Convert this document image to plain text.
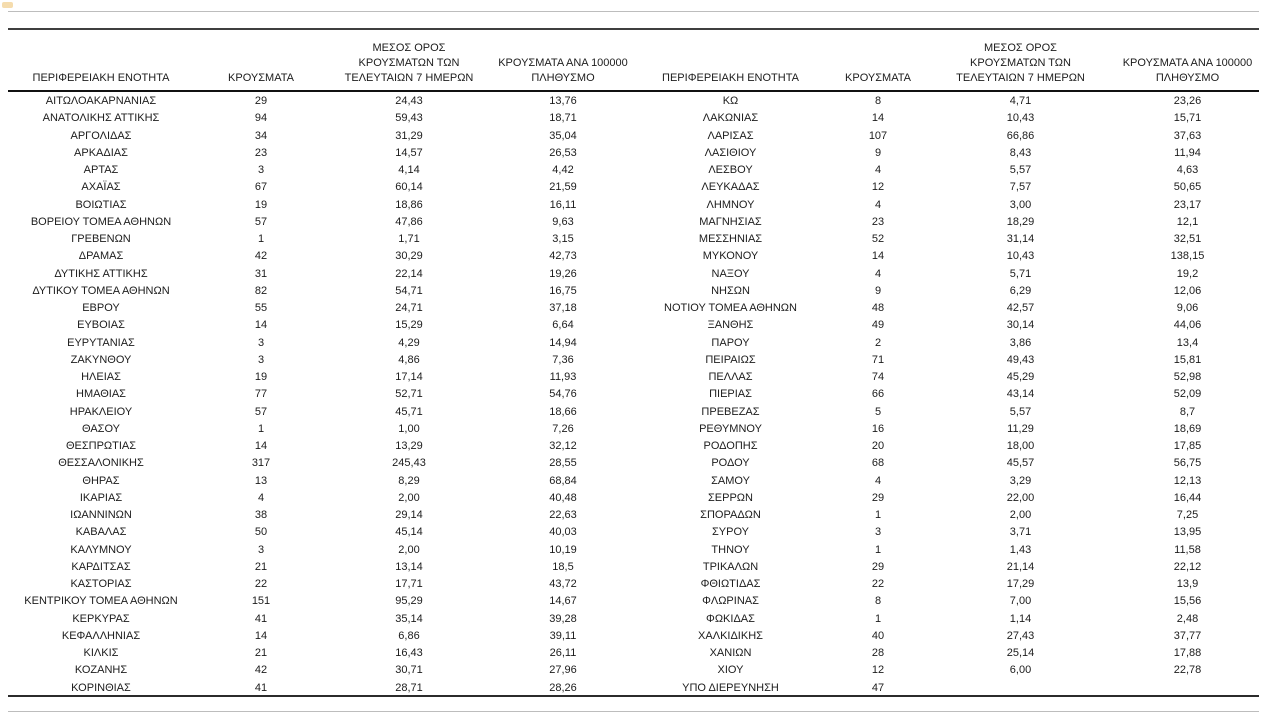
ΠΕΡΙΦΕΡΕΙΑΚΗ ΕΝΟΤΗΤΑ	ΚΡΟΥΣΜΑΤΑ
ΜΕΣΟΣ ΟΡΟΣ
ΚΡΟΥΣΜΑΤΩΝ ΤΩΝ
ΤΕΛΕΥΤΑΙΩΝ 7 ΗΜΕΡΩΝ
ΚΡΟΥΣΜΑΤΑ ΑΝΑ 100000
ΠΛΗΘΥΣΜΟ
ΑΙΤΩΛΟΑΚΑΡΝΑΝΙΑΣ	29	24,43	13,76
ΑΝΑΤΟΛΙΚΗΣ ΑΤΤΙΚΗΣ	94	59,43	18,71
ΑΡΓΟΛΙΔΑΣ	34	31,29	35,04
ΑΡΚΑΔΙΑΣ	23	14,57	26,53
ΑΡΤΑΣ	3	4,14	4,42
ΑΧΑΪΑΣ	67	60,14	21,59
ΒΟΙΩΤΙΑΣ	19	18,86	16,11
ΒΟΡΕΙΟΥ ΤΟΜΕΑ ΑΘΗΝΩΝ	57	47,86	9,63
ΓΡΕΒΕΝΩΝ	1	1,71	3,15
ΔΡΑΜΑΣ	42	30,29	42,73
ΔΥΤΙΚΗΣ ΑΤΤΙΚΗΣ	31	22,14	19,26
ΔΥΤΙΚΟΥ ΤΟΜΕΑ ΑΘΗΝΩΝ	82	54,71	16,75
ΕΒΡΟΥ	55	24,71	37,18
ΕΥΒΟΙΑΣ	14	15,29	6,64
ΕΥΡΥΤΑΝΙΑΣ	3	4,29	14,94
ΖΑΚΥΝΘΟΥ	3	4,86	7,36
ΗΛΕΙΑΣ	19	17,14	11,93
ΗΜΑΘΙΑΣ	77	52,71	54,76
ΗΡΑΚΛΕΙΟΥ	57	45,71	18,66
ΘΑΣΟΥ	1	1,00	7,26
ΘΕΣΠΡΩΤΙΑΣ	14	13,29	32,12
ΘΕΣΣΑΛΟΝΙΚΗΣ	317	245,43	28,55
ΘΗΡΑΣ	13	8,29	68,84
ΙΚΑΡΙΑΣ	4	2,00	40,48
ΙΩΑΝΝΙΝΩΝ	38	29,14	22,63
ΚΑΒΑΛΑΣ	50	45,14	40,03
ΚΑΛΥΜΝΟΥ	3	2,00	10,19
ΚΑΡΔΙΤΣΑΣ	21	13,14	18,5
ΚΑΣΤΟΡΙΑΣ	22	17,71	43,72
ΚΕΝΤΡΙΚΟΥ ΤΟΜΕΑ ΑΘΗΝΩΝ	151	95,29	14,67
ΚΕΡΚΥΡΑΣ	41	35,14	39,28
ΚΕΦΑΛΛΗΝΙΑΣ	14	6,86	39,11
ΚΙΛΚΙΣ	21	16,43	26,11
ΚΟΖΑΝΗΣ	42	30,71	27,96
ΚΟΡΙΝΘΙΑΣ	41	28,71	28,26
ΠΕΡΙΦΕΡΕΙΑΚΗ ΕΝΟΤΗΤΑ	ΚΡΟΥΣΜΑΤΑ
ΜΕΣΟΣ ΟΡΟΣ
ΚΡΟΥΣΜΑΤΩΝ ΤΩΝ
ΤΕΛΕΥΤΑΙΩΝ 7 ΗΜΕΡΩΝ
ΚΡΟΥΣΜΑΤΑ ΑΝΑ 100000
ΠΛΗΘΥΣΜΟ
ΚΩ	8	4,71	23,26
ΛΑΚΩΝΙΑΣ	14	10,43	15,71
ΛΑΡΙΣΑΣ	107	66,86	37,63
ΛΑΣΙΘΙΟΥ	9	8,43	11,94
ΛΕΣΒΟΥ	4	5,57	4,63
ΛΕΥΚΑΔΑΣ	12	7,57	50,65
ΛΗΜΝΟΥ	4	3,00	23,17
ΜΑΓΝΗΣΙΑΣ	23	18,29	12,1
ΜΕΣΣΗΝΙΑΣ	52	31,14	32,51
ΜΥΚΟΝΟΥ	14	10,43	138,15
ΝΑΞΟΥ	4	5,71	19,2
ΝΗΣΩΝ	9	6,29	12,06
ΝΟΤΙΟΥ ΤΟΜΕΑ ΑΘΗΝΩΝ	48	42,57	9,06
ΞΑΝΘΗΣ	49	30,14	44,06
ΠΑΡΟΥ	2	3,86	13,4
ΠΕΙΡΑΙΩΣ	71	49,43	15,81
ΠΕΛΛΑΣ	74	45,29	52,98
ΠΙΕΡΙΑΣ	66	43,14	52,09
ΠΡΕΒΕΖΑΣ	5	5,57	8,7
ΡΕΘΥΜΝΟΥ	16	11,29	18,69
ΡΟΔΟΠΗΣ	20	18,00	17,85
ΡΟΔΟΥ	68	45,57	56,75
ΣΑΜΟΥ	4	3,29	12,13
ΣΕΡΡΩΝ	29	22,00	16,44
ΣΠΟΡΑΔΩΝ	1	2,00	7,25
ΣΥΡΟΥ	3	3,71	13,95
ΤΗΝΟΥ	1	1,43	11,58
ΤΡΙΚΑΛΩΝ	29	21,14	22,12
ΦΘΙΩΤΙΔΑΣ	22	17,29	13,9
ΦΛΩΡΙΝΑΣ	8	7,00	15,56
ΦΩΚΙΔΑΣ	1	1,14	2,48
ΧΑΛΚΙΔΙΚΗΣ	40	27,43	37,77
ΧΑΝΙΩΝ	28	25,14	17,88
ΧΙΟΥ	12	6,00	22,78
ΥΠΟ ΔΙΕΡΕΥΝΗΣΗ	47
